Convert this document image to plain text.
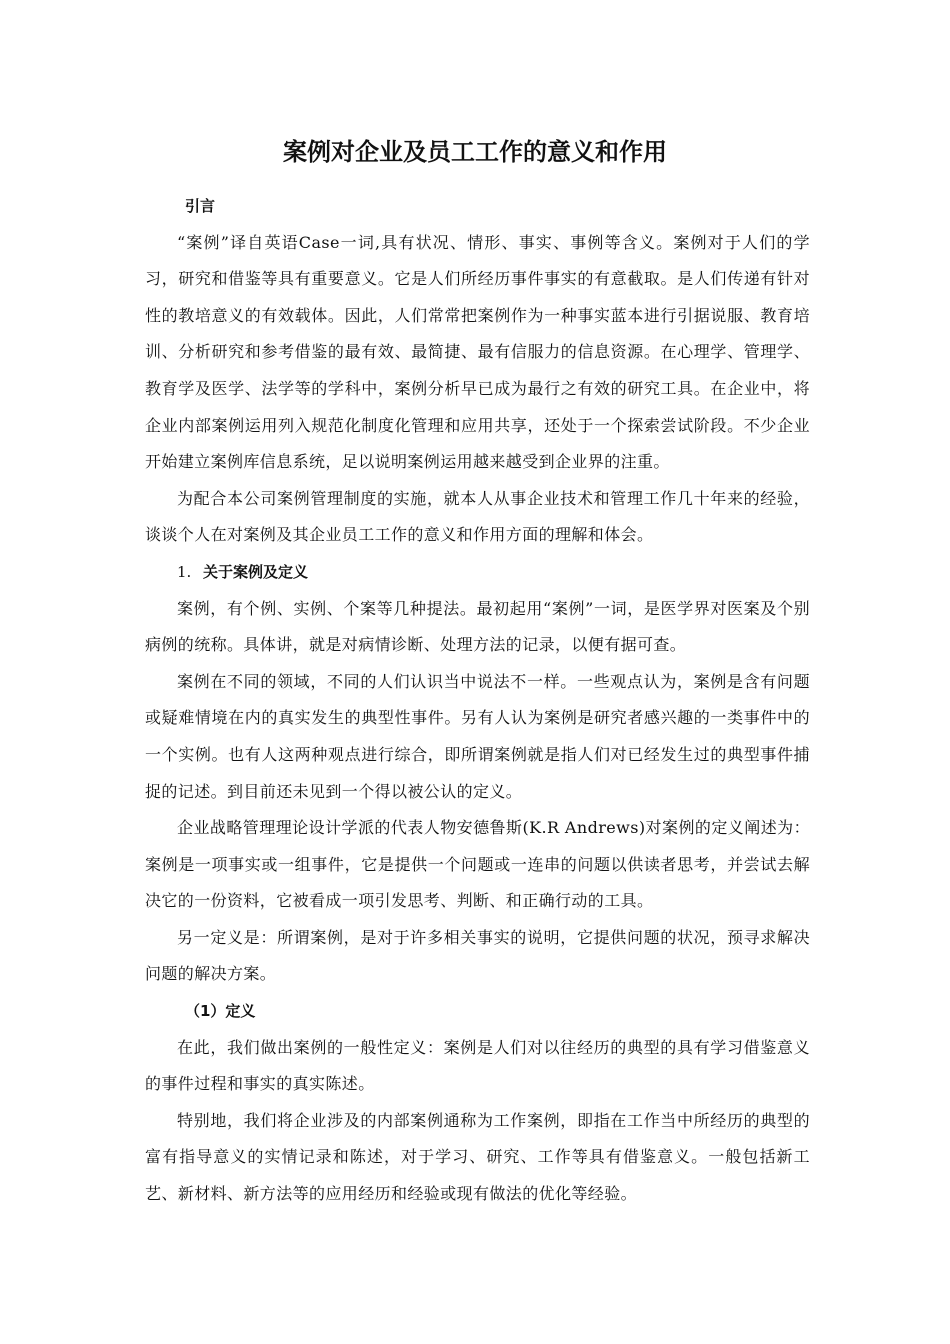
案例对企业及员工工作的意义和作用

引言

“案例”译自英语Case一词,具有状况、情形、事实、事例等含义。案例对于人们的学习，研究和借鉴等具有重要意义。它是人们所经历事件事实的有意截取。是人们传递有针对性的教培意义的有效载体。因此，人们常常把案例作为一种事实蓝本进行引据说服、教育培训、分析研究和参考借鉴的最有效、最简捷、最有信服力的信息资源。在心理学、管理学、教育学及医学、法学等的学科中，案例分析早已成为最行之有效的研究工具。在企业中，将企业内部案例运用列入规范化制度化管理和应用共享，还处于一个探索尝试阶段。不少企业开始建立案例库信息系统，足以说明案例运用越来越受到企业界的注重。

为配合本公司案例管理制度的实施，就本人从事企业技术和管理工作几十年来的经验，谈谈个人在对案例及其企业员工工作的意义和作用方面的理解和体会。

1. 关于案例及定义

案例，有个例、实例、个案等几种提法。最初起用“案例”一词，是医学界对医案及个别病例的统称。具体讲，就是对病情诊断、处理方法的记录，以便有据可查。

案例在不同的领域，不同的人们认识当中说法不一样。一些观点认为，案例是含有问题或疑难情境在内的真实发生的典型性事件。另有人认为案例是研究者感兴趣的一类事件中的一个实例。也有人这两种观点进行综合，即所谓案例就是指人们对已经发生过的典型事件捕捉的记述。到目前还未见到一个得以被公认的定义。

企业战略管理理论设计学派的代表人物安德鲁斯(K.R Andrews)对案例的定义阐述为：案例是一项事实或一组事件，它是提供一个问题或一连串的问题以供读者思考，并尝试去解决它的一份资料，它被看成一项引发思考、判断、和正确行动的工具。

另一定义是：所谓案例，是对于许多相关事实的说明，它提供问题的状况，预寻求解决问题的解决方案。

（1）定义

在此，我们做出案例的一般性定义：案例是人们对以往经历的典型的具有学习借鉴意义的事件过程和事实的真实陈述。

特别地，我们将企业涉及的内部案例通称为工作案例，即指在工作当中所经历的典型的富有指导意义的实情记录和陈述，对于学习、研究、工作等具有借鉴意义。一般包括新工艺、新材料、新方法等的应用经历和经验或现有做法的优化等经验。
